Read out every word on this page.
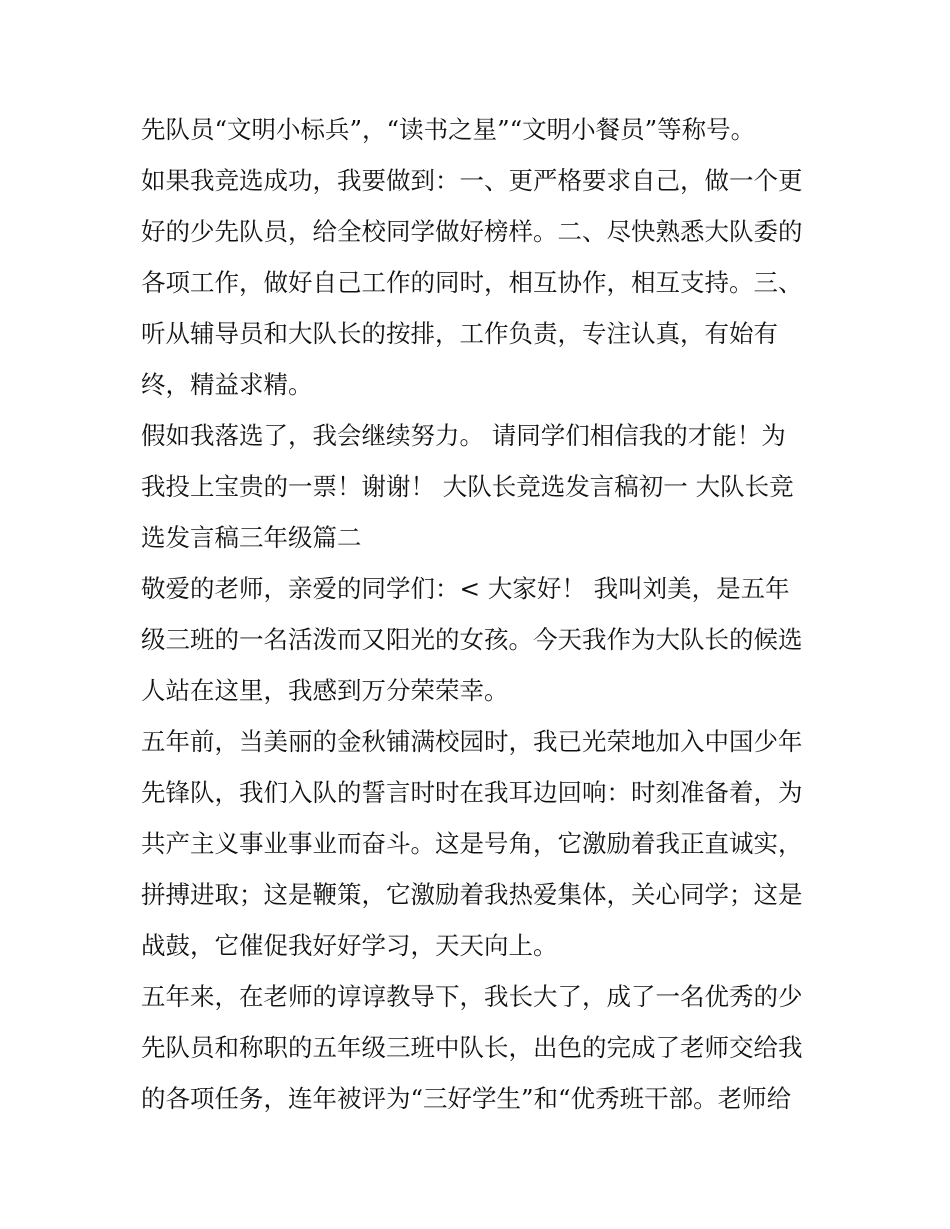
先队员“文明小标兵”，“读书之星”“文明小餐员”等称号。
如果我竞选成功，我要做到：一、更严格要求自己，做一个更
好的少先队员，给全校同学做好榜样。二、尽快熟悉大队委的
各项工作，做好自己工作的同时，相互协作，相互支持。三、
听从辅导员和大队长的按排，工作负责，专注认真，有始有
终，精益求精。
假如我落选了，我会继续努力。 请同学们相信我的才能！为
我投上宝贵的一票！谢谢！ 大队长竞选发言稿初一 大队长竞
选发言稿三年级篇二
敬爱的老师，亲爱的同学们：< 大家好！ 我叫刘美，是五年
级三班的一名活泼而又阳光的女孩。今天我作为大队长的候选
人站在这里，我感到万分荣荣幸。
五年前，当美丽的金秋铺满校园时，我已光荣地加入中国少年
先锋队，我们入队的誓言时时在我耳边回响：时刻准备着，为
共产主义事业事业而奋斗。这是号角，它激励着我正直诚实，
拼搏进取；这是鞭策，它激励着我热爱集体，关心同学；这是
战鼓，它催促我好好学习，天天向上。
五年来，在老师的谆谆教导下，我长大了，成了一名优秀的少
先队员和称职的五年级三班中队长，出色的完成了老师交给我
的各项任务，连年被评为“三好学生”和“优秀班干部。老师给
